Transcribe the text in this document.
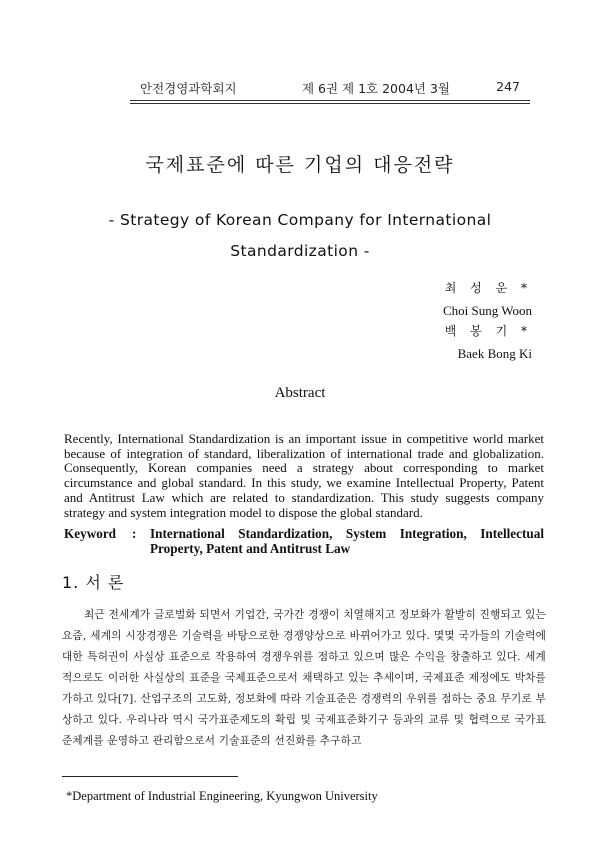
안전경영과학회지	제 6권 제 1호 2004년 3월	247
국제표준에 따른 기업의 대응전략
- Strategy of Korean Company for International
Standardization -
최 성 운 *
Choi Sung Woon
백 봉 기 *
Baek Bong Ki
Abstract
Recently, International Standardization is an important issue in competitive world market because of integration of standard, liberalization of international trade and globalization. Consequently, Korean companies need a strategy about corresponding to market circumstance and global standard. In this study, we examine Intellectual Property, Patent and Antitrust Law which are related to standardization. This study suggests company strategy and system integration model to dispose the global standard.
Keyword : International Standardization, System Integration, Intellectual Property, Patent and Antitrust Law
1. 서 론
최근 전세계가 글로벌화 되면서 기업간, 국가간 경쟁이 치열해지고 정보화가 활발히 진행되고 있는 요즘, 세계의 시장경쟁은 기술력을 바탕으로한 경쟁양상으로 바뀌어가고 있다. 몇몇 국가들의 기술력에 대한 특허권이 사실상 표준으로 작용하여 경쟁우위를 점하고 있으며 많은 수익을 창출하고 있다. 세계적으로도 이러한 사실상의 표준을 국제표준으로서 채택하고 있는 추세이며, 국제표준 제정에도 박차를 가하고 있다[7]. 산업구조의 고도화, 정보화에 따라 기술표준은 경쟁력의 우위를 점하는 중요 무기로 부상하고 있다. 우리나라 역시 국가표준제도의 확립 및 국제표준화기구 등과의 교류 및 협력으로 국가표준체계를 운영하고 관리함으로서 기술표준의 선진화를 추구하고
*Department of Industrial Engineering, Kyungwon University
